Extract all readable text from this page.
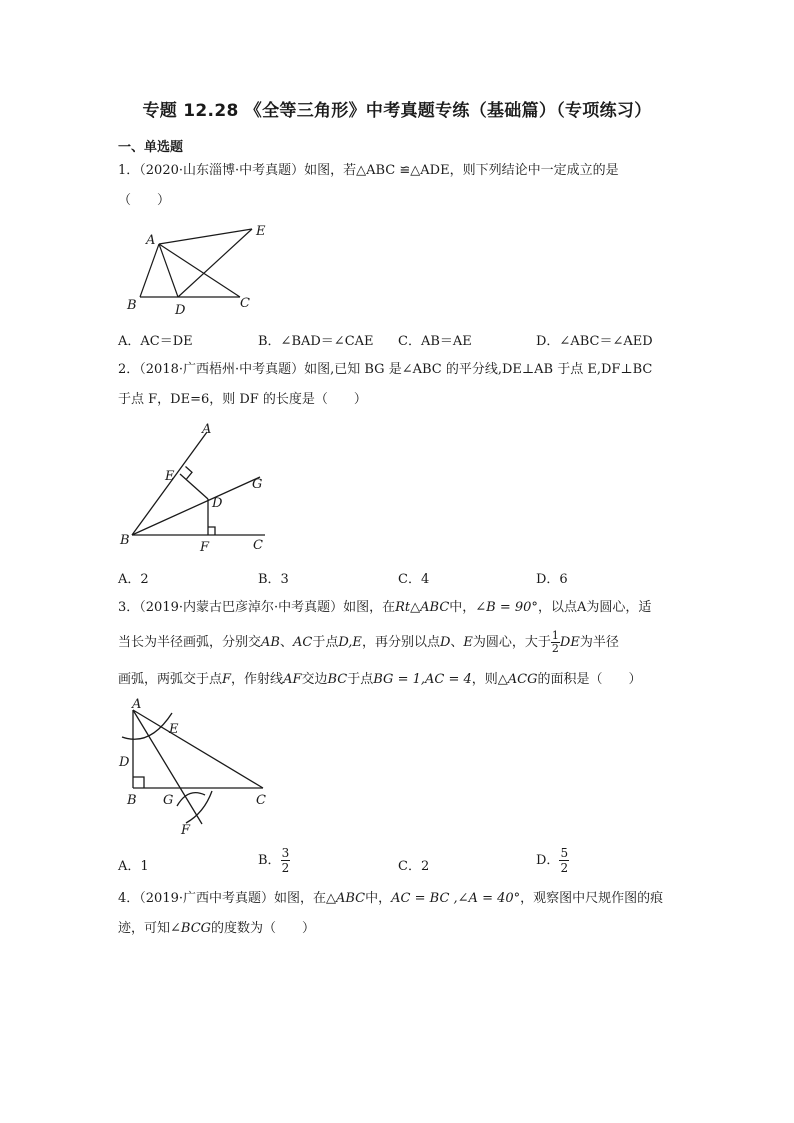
专题 12.28 《全等三角形》中考真题专练（基础篇）（专项练习）
一、单选题
1．（2020·山东淄博·中考真题）如图，若△ABC ≌△ADE，则下列结论中一定成立的是
（　　）
A
E
B	D	C
A．AC＝DE	B．∠BAD＝∠CAE C．AB＝AE	D．∠ABC＝∠AED
2．（2018·广西梧州·中考真题）如图,已知 BG 是∠ABC 的平分线,DE⊥AB 于点 E,DF⊥BC
于点 F，DE=6，则 DF 的长度是（　　）
A
G
E
D
B	F	C
A．2	B．3	C．4	D．6
3．（2019·内蒙古巴彦淖尔·中考真题）如图，在Rt△ABC中，∠B = 90°，以点A为圆心，适
当长为半径画弧，分别交AB、AC于点D,E，再分别以点D、E为圆心，大于 $\frac{1}{2}$ DE为半径
画弧，两弧交于点F，作射线AF交边BC于点BG = 1,AC = 4，则△ACG的面积是（　　）
A
E
D
B G	C
F
A．1	B． $\frac{3}{2}$	C．2	D． $\frac{5}{2}$
4．（2019·广西中考真题）如图，在△ABC中，AC = BC ,∠A = 40°，观察图中尺规作图的痕
迹，可知∠BCG的度数为（　　）
